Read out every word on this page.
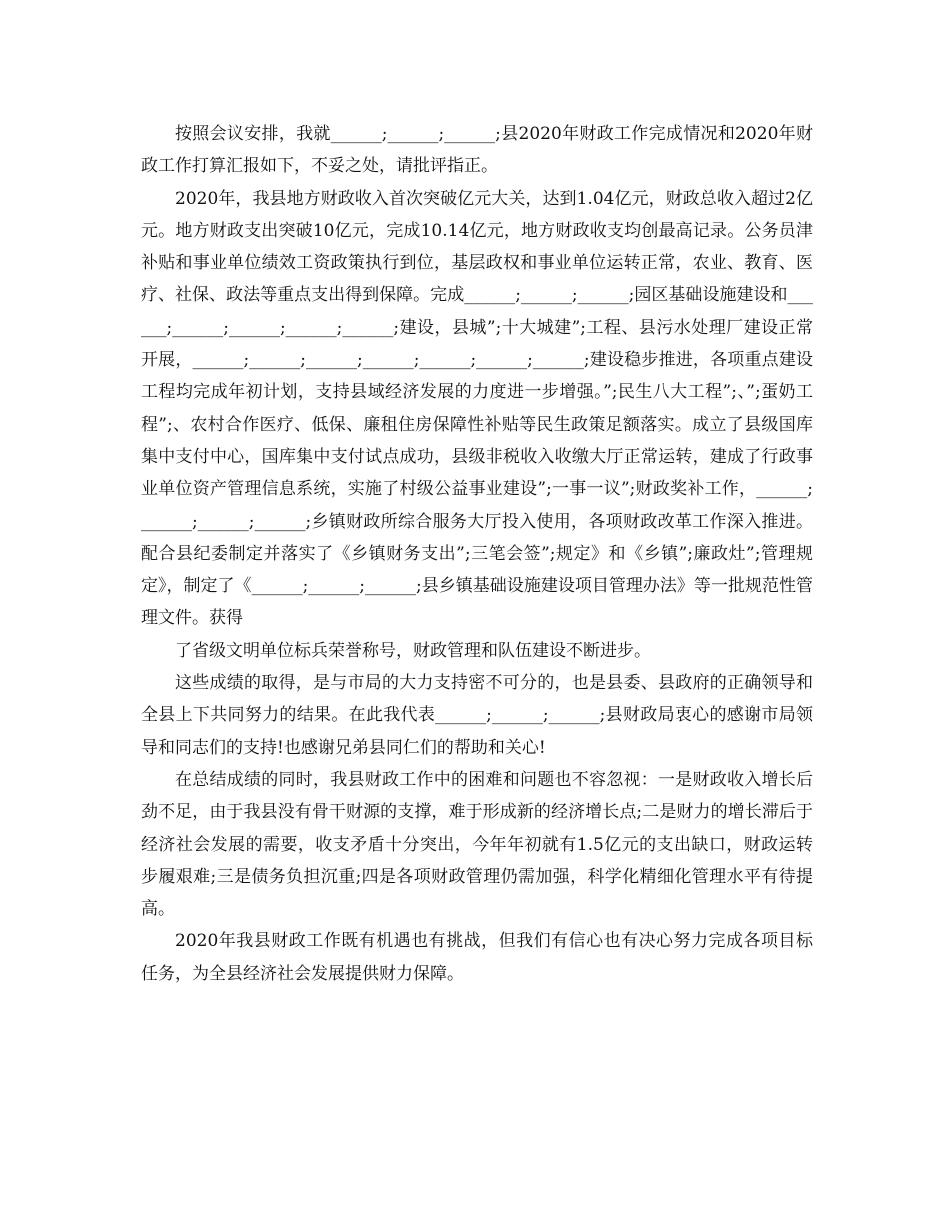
按照会议安排，我就______;______;______;县2020年财政工作完成情况和2020年财政工作打算汇报如下，不妥之处，请批评指正。

2020年，我县地方财政收入首次突破亿元大关，达到1.04亿元，财政总收入超过2亿元。地方财政支出突破10亿元，完成10.14亿元，地方财政收支均创最高记录。公务员津补贴和事业单位绩效工资政策执行到位，基层政权和事业单位运转正常，农业、教育、医疗、社保、政法等重点支出得到保障。完成______;______;______;园区基础设施建设和______;______;______;______;______;建设，县城”;十大城建”;工程、县污水处理厂建设正常开展，______;______;______;______;______;______;______;建设稳步推进，各项重点建设工程均完成年初计划，支持县域经济发展的力度进一步增强。”;民生八大工程”;、”;蛋奶工程”;、农村合作医疗、低保、廉租住房保障性补贴等民生政策足额落实。成立了县级国库集中支付中心，国库集中支付试点成功，县级非税收入收缴大厅正常运转，建成了行政事业单位资产管理信息系统，实施了村级公益事业建设”;一事一议”;财政奖补工作，______;______;______;______;乡镇财政所综合服务大厅投入使用，各项财政改革工作深入推进。配合县纪委制定并落实了《乡镇财务支出”;三笔会签”;规定》和《乡镇”;廉政灶”;管理规定》，制定了《______;______;______;县乡镇基础设施建设项目管理办法》等一批规范性管理文件。获得

了省级文明单位标兵荣誉称号，财政管理和队伍建设不断进步。

这些成绩的取得，是与市局的大力支持密不可分的，也是县委、县政府的正确领导和全县上下共同努力的结果。在此我代表______;______;______;县财政局衷心的感谢市局领导和同志们的支持!也感谢兄弟县同仁们的帮助和关心!

在总结成绩的同时，我县财政工作中的困难和问题也不容忽视：一是财政收入增长后劲不足，由于我县没有骨干财源的支撑，难于形成新的经济增长点;二是财力的增长滞后于经济社会发展的需要，收支矛盾十分突出，今年年初就有1.5亿元的支出缺口，财政运转步履艰难;三是债务负担沉重;四是各项财政管理仍需加强，科学化精细化管理水平有待提高。

2020年我县财政工作既有机遇也有挑战，但我们有信心也有决心努力完成各项目标任务，为全县经济社会发展提供财力保障。
